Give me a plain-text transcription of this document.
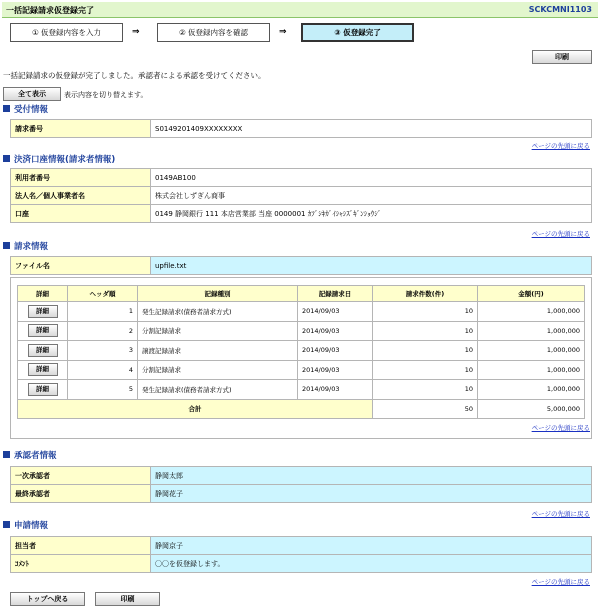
一括記録請求仮登録完了	SCKCMNI1103
① 仮登録内容を入力	⇒	② 仮登録内容を確認	⇒	③ 仮登録完了
印刷
一括記録請求の仮登録が完了しました。承認者による承認を受けてください。
全て表示	表示内容を切り替えます。
受付情報
請求番号	S0149201409XXXXXXXX
ページの先頭に戻る
決済口座情報(請求者情報)
利用者番号	0149AB100
法人名／個人事業者名	株式会社しずぎん商事
口座	0149 静岡銀行 111 本店営業部 当座 0000001 ｶﾌﾞｼｷｶﾞｲｼｬｼｽﾞｷﾞﾝｼｮｳｼﾞ
ページの先頭に戻る
請求情報
ファイル名	upfile.txt
詳細	ヘッダ順	記録種別	記録請求日	請求件数(件)	金額(円)
詳細	1	発生記録請求(債務者請求方式)	2014/09/03	10	1,000,000
詳細	2	分割記録請求	2014/09/03	10	1,000,000
詳細	3	譲渡記録請求	2014/09/03	10	1,000,000
詳細	4	分割記録請求	2014/09/03	10	1,000,000
詳細	5	発生記録請求(債務者請求方式)	2014/09/03	10	1,000,000
合計				50	5,000,000
ページの先頭に戻る
承認者情報
一次承認者	静岡太郎
最終承認者	静岡花子
ページの先頭に戻る
申請情報
担当者	静岡京子
ｺﾒﾝﾄ	〇〇を仮登録します。
ページの先頭に戻る
トップへ戻る	印刷
